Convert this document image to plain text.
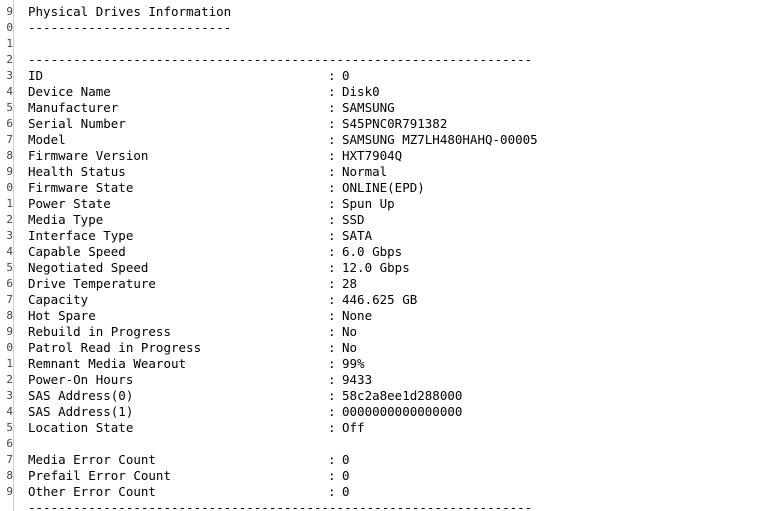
9
0
1
2
3
4
5
6
7
8
9
0
1
2
3
4
5
6
7
8
9
0
1
2
3
4
5
6
7
8
9
Physical Drives Information
---------------------------
-------------------------------------------------------------------
ID	: 0
Device Name	: Disk0
Manufacturer	: SAMSUNG
Serial Number	: S45PNC0R791382
Model	: SAMSUNG MZ7LH480HAHQ-00005
Firmware Version	: HXT7904Q
Health Status	: Normal
Firmware State	: ONLINE(EPD)
Power State	: Spun Up
Media Type	: SSD
Interface Type	: SATA
Capable Speed	: 6.0 Gbps
Negotiated Speed	: 12.0 Gbps
Drive Temperature	: 28
Capacity	: 446.625 GB
Hot Spare	: None
Rebuild in Progress	: No
Patrol Read in Progress	: No
Remnant Media Wearout	: 99%
Power-On Hours	: 9433
SAS Address(0)	: 58c2a8ee1d288000
SAS Address(1)	: 0000000000000000
Location State	: Off
Media Error Count	: 0
Prefail Error Count	: 0
Other Error Count	: 0
-------------------------------------------------------------------
